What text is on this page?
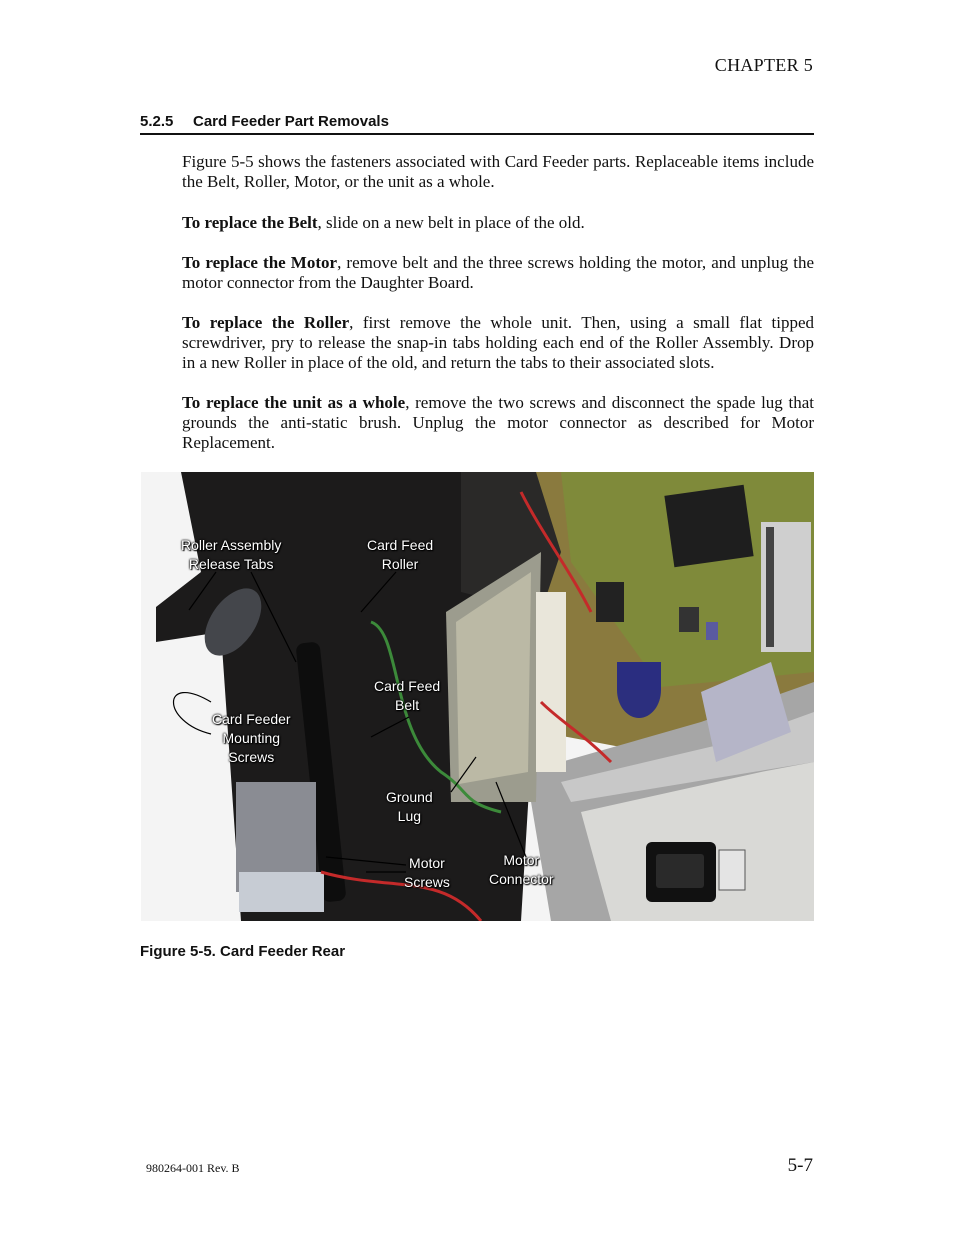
CHAPTER 5
5.2.5 Card Feeder Part Removals

Figure 5-5 shows the fasteners associated with Card Feeder parts. Replaceable items include the Belt, Roller, Motor, or the unit as a whole.

To replace the Belt, slide on a new belt in place of the old.

To replace the Motor, remove belt and the three screws holding the motor, and unplug the motor connector from the Daughter Board.

To replace the Roller, first remove the whole unit. Then, using a small flat tipped screwdriver, pry to release the snap-in tabs holding each end of the Roller Assembly. Drop in a new Roller in place of the old, and return the tabs to their associated slots.

To replace the unit as a whole, remove the two screws and disconnect the spade lug that grounds the anti-static brush. Unplug the motor connector as described for Motor Replacement.

Roller Assembly
Release Tabs
Card Feed
Roller
Card Feed
Belt
Card Feeder
Mounting
Screws
Ground
Lug
Motor
Screws
Motor
Connector
Figure 5-5. Card Feeder Rear
980264-001 Rev. B	5-7
